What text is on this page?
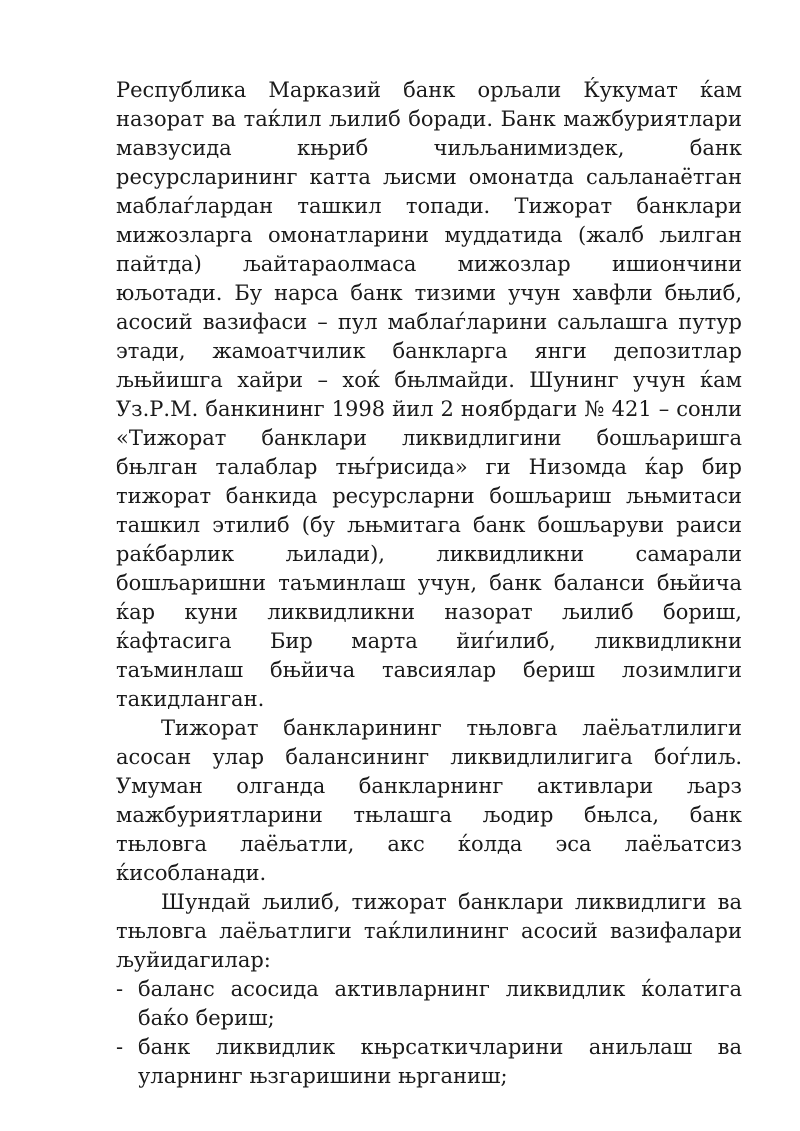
Республика Марказий банк орљали Ќукумат ќам назорат ва таќлил љилиб боради. Банк мажбуриятлари мавзусида књриб чиљљанимиздек, банк ресурсларининг катта љисми омонатда саљланаётган маблаѓлардан ташкил топади. Тижорат банклари мижозларга омонатларини муддатида (жалб љилган пайтда) љайтараолмаса мижозлар ишиончини юљотади. Бу нарса банк тизими учун хавфли бњлиб, асосий вазифаси – пул маблаѓларини саљлашга путур этади, жамоатчилик банкларга янги депозитлар љњйишга хайри – хоќ бњлмайди. Шунинг учун ќам Уз.Р.М. банкининг 1998 йил 2 ноябрдаги № 421 – сонли «Тижорат банклари ликвидлигини бошљаришга бњлган талаблар тњѓрисида» ги Низомда ќар бир тижорат банкида ресурсларни бошљариш љњмитаси ташкил этилиб (бу љњмитага банк бошљаруви раиси раќбарлик љилади), ликвидликни самарали бошљаришни таъминлаш учун, банк баланси бњйича ќар куни ликвидликни назорат љилиб бориш, ќафтасига Бир марта йиѓилиб, ликвидликни таъминлаш бњйича тавсиялар бериш лозимлиги такидланган.

Тижорат банкларининг тњловга лаёљатлилиги асосан улар балансининг ликвидлилигига боѓлиљ. Умуман олганда банкларнинг активлари љарз мажбуриятларини тњлашга љодир бњлса, банк тњловга лаёљатли, акс ќолда эса лаёљатсиз ќисобланади.

Шундай љилиб, тижорат банклари ликвидлиги ва тњловга лаёљатлиги таќлилининг асосий вазифалари љуйидагилар:

- баланс асосида активларнинг ликвидлик ќолатига баќо бериш;
- банк ликвидлик књрсаткичларини аниљлаш ва уларнинг њзгаришини њрганиш;
